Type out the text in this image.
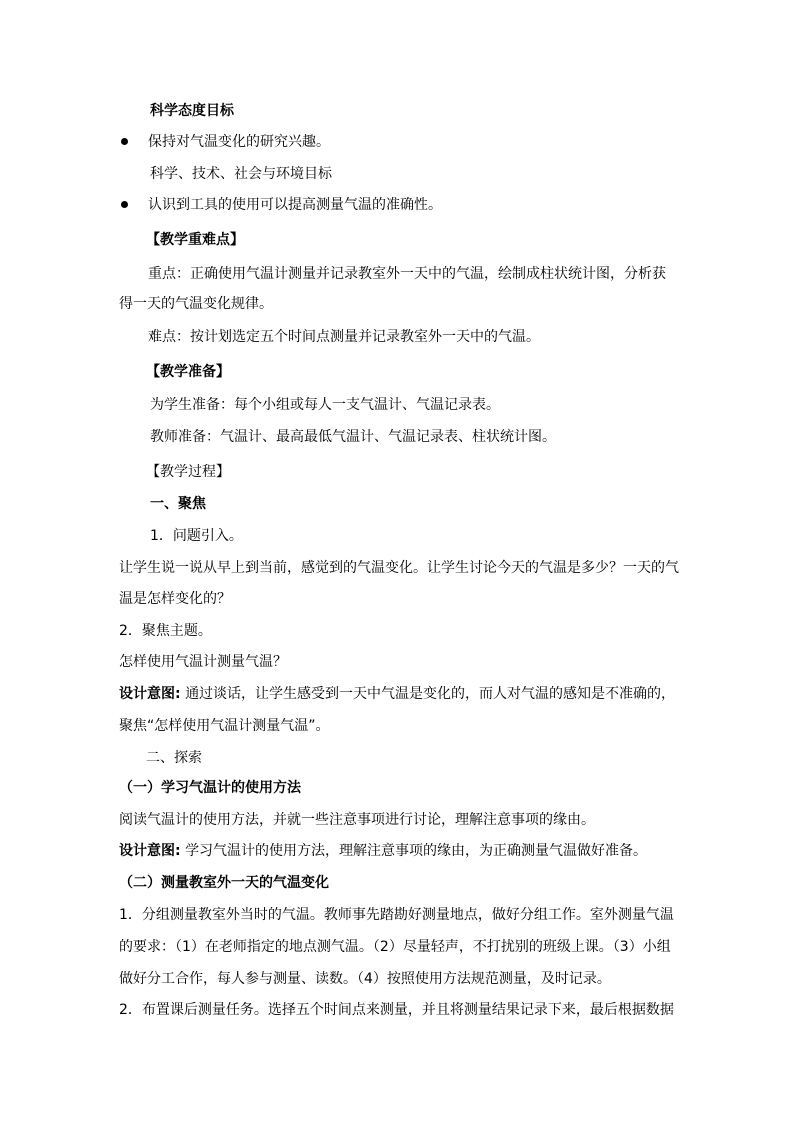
科学态度目标
保持对气温变化的研究兴趣。
科学、技术、社会与环境目标
认识到工具的使用可以提高测量气温的准确性。
【教学重难点】
重点：正确使用气温计测量并记录教室外一天中的气温，绘制成柱状统计图，分析获
得一天的气温变化规律。
难点：按计划选定五个时间点测量并记录教室外一天中的气温。
【教学准备】
为学生准备：每个小组或每人一支气温计、气温记录表。
教师准备：气温计、最高最低气温计、气温记录表、柱状统计图。
【教学过程】
一、聚焦
1．问题引入。
让学生说一说从早上到当前，感觉到的气温变化。让学生讨论今天的气温是多少？一天的气
温是怎样变化的？
2．聚焦主题。
怎样使用气温计测量气温？
设计意图: 通过谈话，让学生感受到一天中气温是变化的，而人对气温的感知是不准确的，
聚焦“怎样使用气温计测量气温”。
二、探索
（一）学习气温计的使用方法
阅读气温计的使用方法，并就一些注意事项进行讨论，理解注意事项的缘由。
设计意图: 学习气温计的使用方法，理解注意事项的缘由，为正确测量气温做好准备。
（二）测量教室外一天的气温变化
1．分组测量教室外当时的气温。教师事先踏勘好测量地点，做好分组工作。室外测量气温
的要求：（1）在老师指定的地点测气温。（2）尽量轻声，不打扰别的班级上课。（3）小组
做好分工合作，每人参与测量、读数。（4）按照使用方法规范测量，及时记录。
2．布置课后测量任务。选择五个时间点来测量，并且将测量结果记录下来，最后根据数据
